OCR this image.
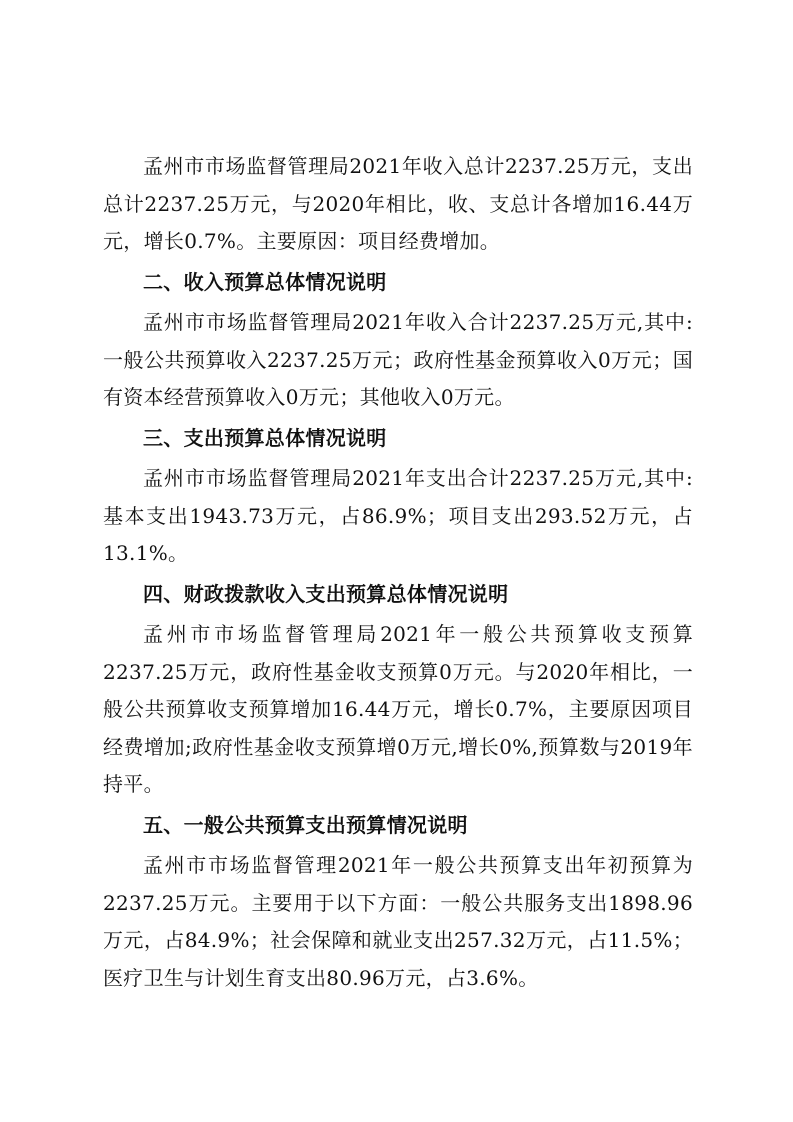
孟州市市场监督管理局2021年收入总计2237.25万元，支出总计2237.25万元，与2020年相比，收、支总计各增加16.44万元，增长0.7%。主要原因：项目经费增加。

二、收入预算总体情况说明

孟州市市场监督管理局2021年收入合计2237.25万元,其中:一般公共预算收入2237.25万元；政府性基金预算收入0万元；国有资本经营预算收入0万元；其他收入0万元。

三、支出预算总体情况说明

孟州市市场监督管理局2021年支出合计2237.25万元,其中:基本支出1943.73万元，占86.9%；项目支出293.52万元，占13.1%。

四、财政拨款收入支出预算总体情况说明

孟州市市场监督管理局2021年一般公共预算收支预算2237.25万元，政府性基金收支预算0万元。与2020年相比，一般公共预算收支预算增加16.44万元，增长0.7%，主要原因项目经费增加;政府性基金收支预算增0万元,增长0%,预算数与2019年持平。

五、一般公共预算支出预算情况说明

孟州市市场监督管理2021年一般公共预算支出年初预算为2237.25万元。主要用于以下方面：一般公共服务支出1898.96万元，占84.9%；社会保障和就业支出257.32万元，占11.5%；医疗卫生与计划生育支出80.96万元，占3.6%。
